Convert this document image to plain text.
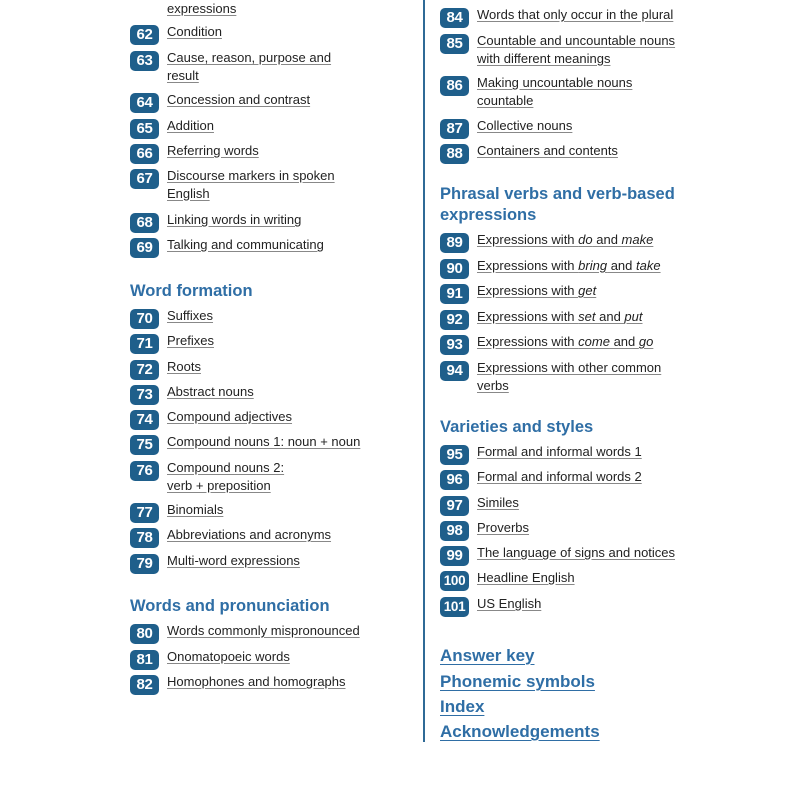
expressions
62	Condition
63	Cause, reason, purpose and result
64	Concession and contrast
65	Addition
66	Referring words
67	Discourse markers in spoken English
68	Linking words in writing
69	Talking and communicating
Word formation
70	Suffixes
71	Prefixes
72	Roots
73	Abstract nouns
74	Compound adjectives
75	Compound nouns 1: noun + noun
76	Compound nouns 2: verb + preposition
77	Binomials
78	Abbreviations and acronyms
79	Multi-word expressions
Words and pronunciation
80	Words commonly mispronounced
81	Onomatopoeic words
82	Homophones and homographs
84	Words that only occur in the plural
85	Countable and uncountable nouns with different meanings
86	Making uncountable nouns countable
87	Collective nouns
88	Containers and contents
Phrasal verbs and verb-based expressions
89	Expressions with do and make
90	Expressions with bring and take
91	Expressions with get
92	Expressions with set and put
93	Expressions with come and go
94	Expressions with other common verbs
Varieties and styles
95	Formal and informal words 1
96	Formal and informal words 2
97	Similes
98	Proverbs
99	The language of signs and notices
100 Headline English
101 US English
Answer key
Phonemic symbols
Index
Acknowledgements
